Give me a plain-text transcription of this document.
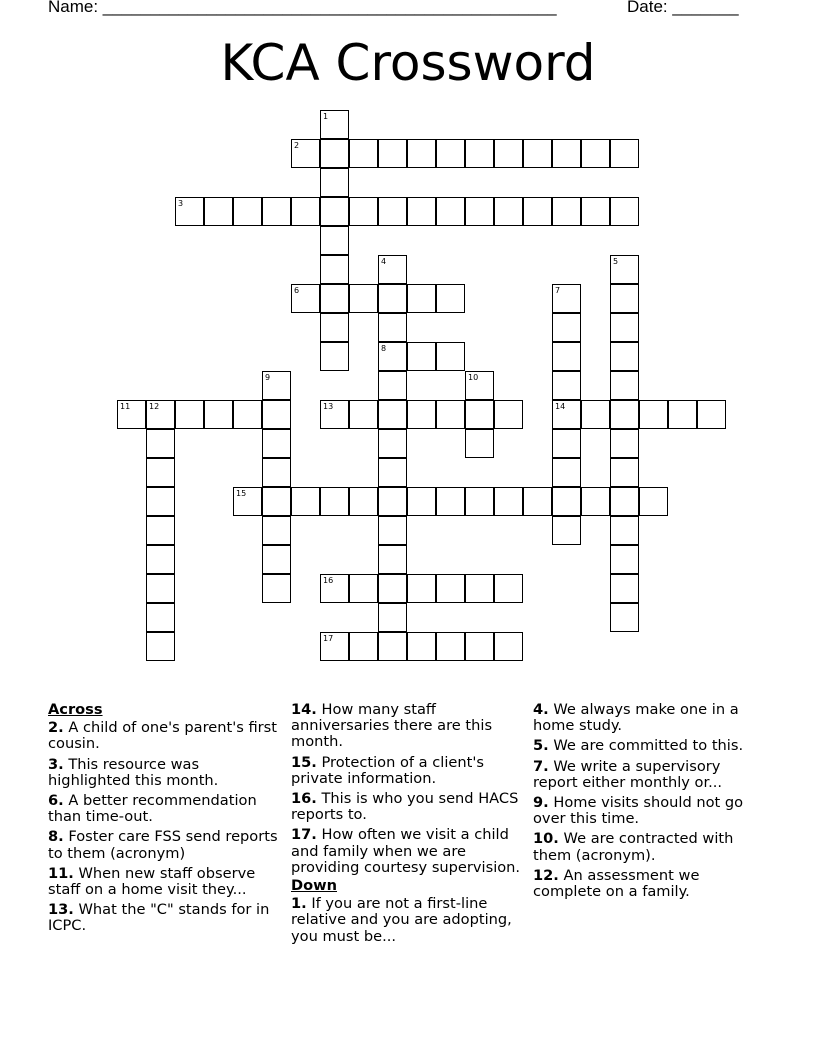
Name: ________________________________________________	Date: _______
KCA Crossword
1
2
3
4	5
6	7
8
9	10
11 12	13	14
15
16
17
Across
2. A child of one's parent's first cousin.
3. This resource was highlighted this month.
6. A better recommendation than time-out.
8. Foster care FSS send reports to them (acronym)
11. When new staff observe staff on a home visit they...
13. What the "C" stands for in ICPC.
14. How many staff anniversaries there are this month.
15. Protection of a client's private information.
16. This is who you send HACS reports to.
17. How often we visit a child and family when we are providing courtesy supervision.
Down
1. If you are not a first-line relative and you are adopting, you must be...
4. We always make one in a home study.
5. We are committed to this.
7. We write a supervisory report either monthly or...
9. Home visits should not go over this time.
10. We are contracted with them (acronym).
12. An assessment we complete on a family.
